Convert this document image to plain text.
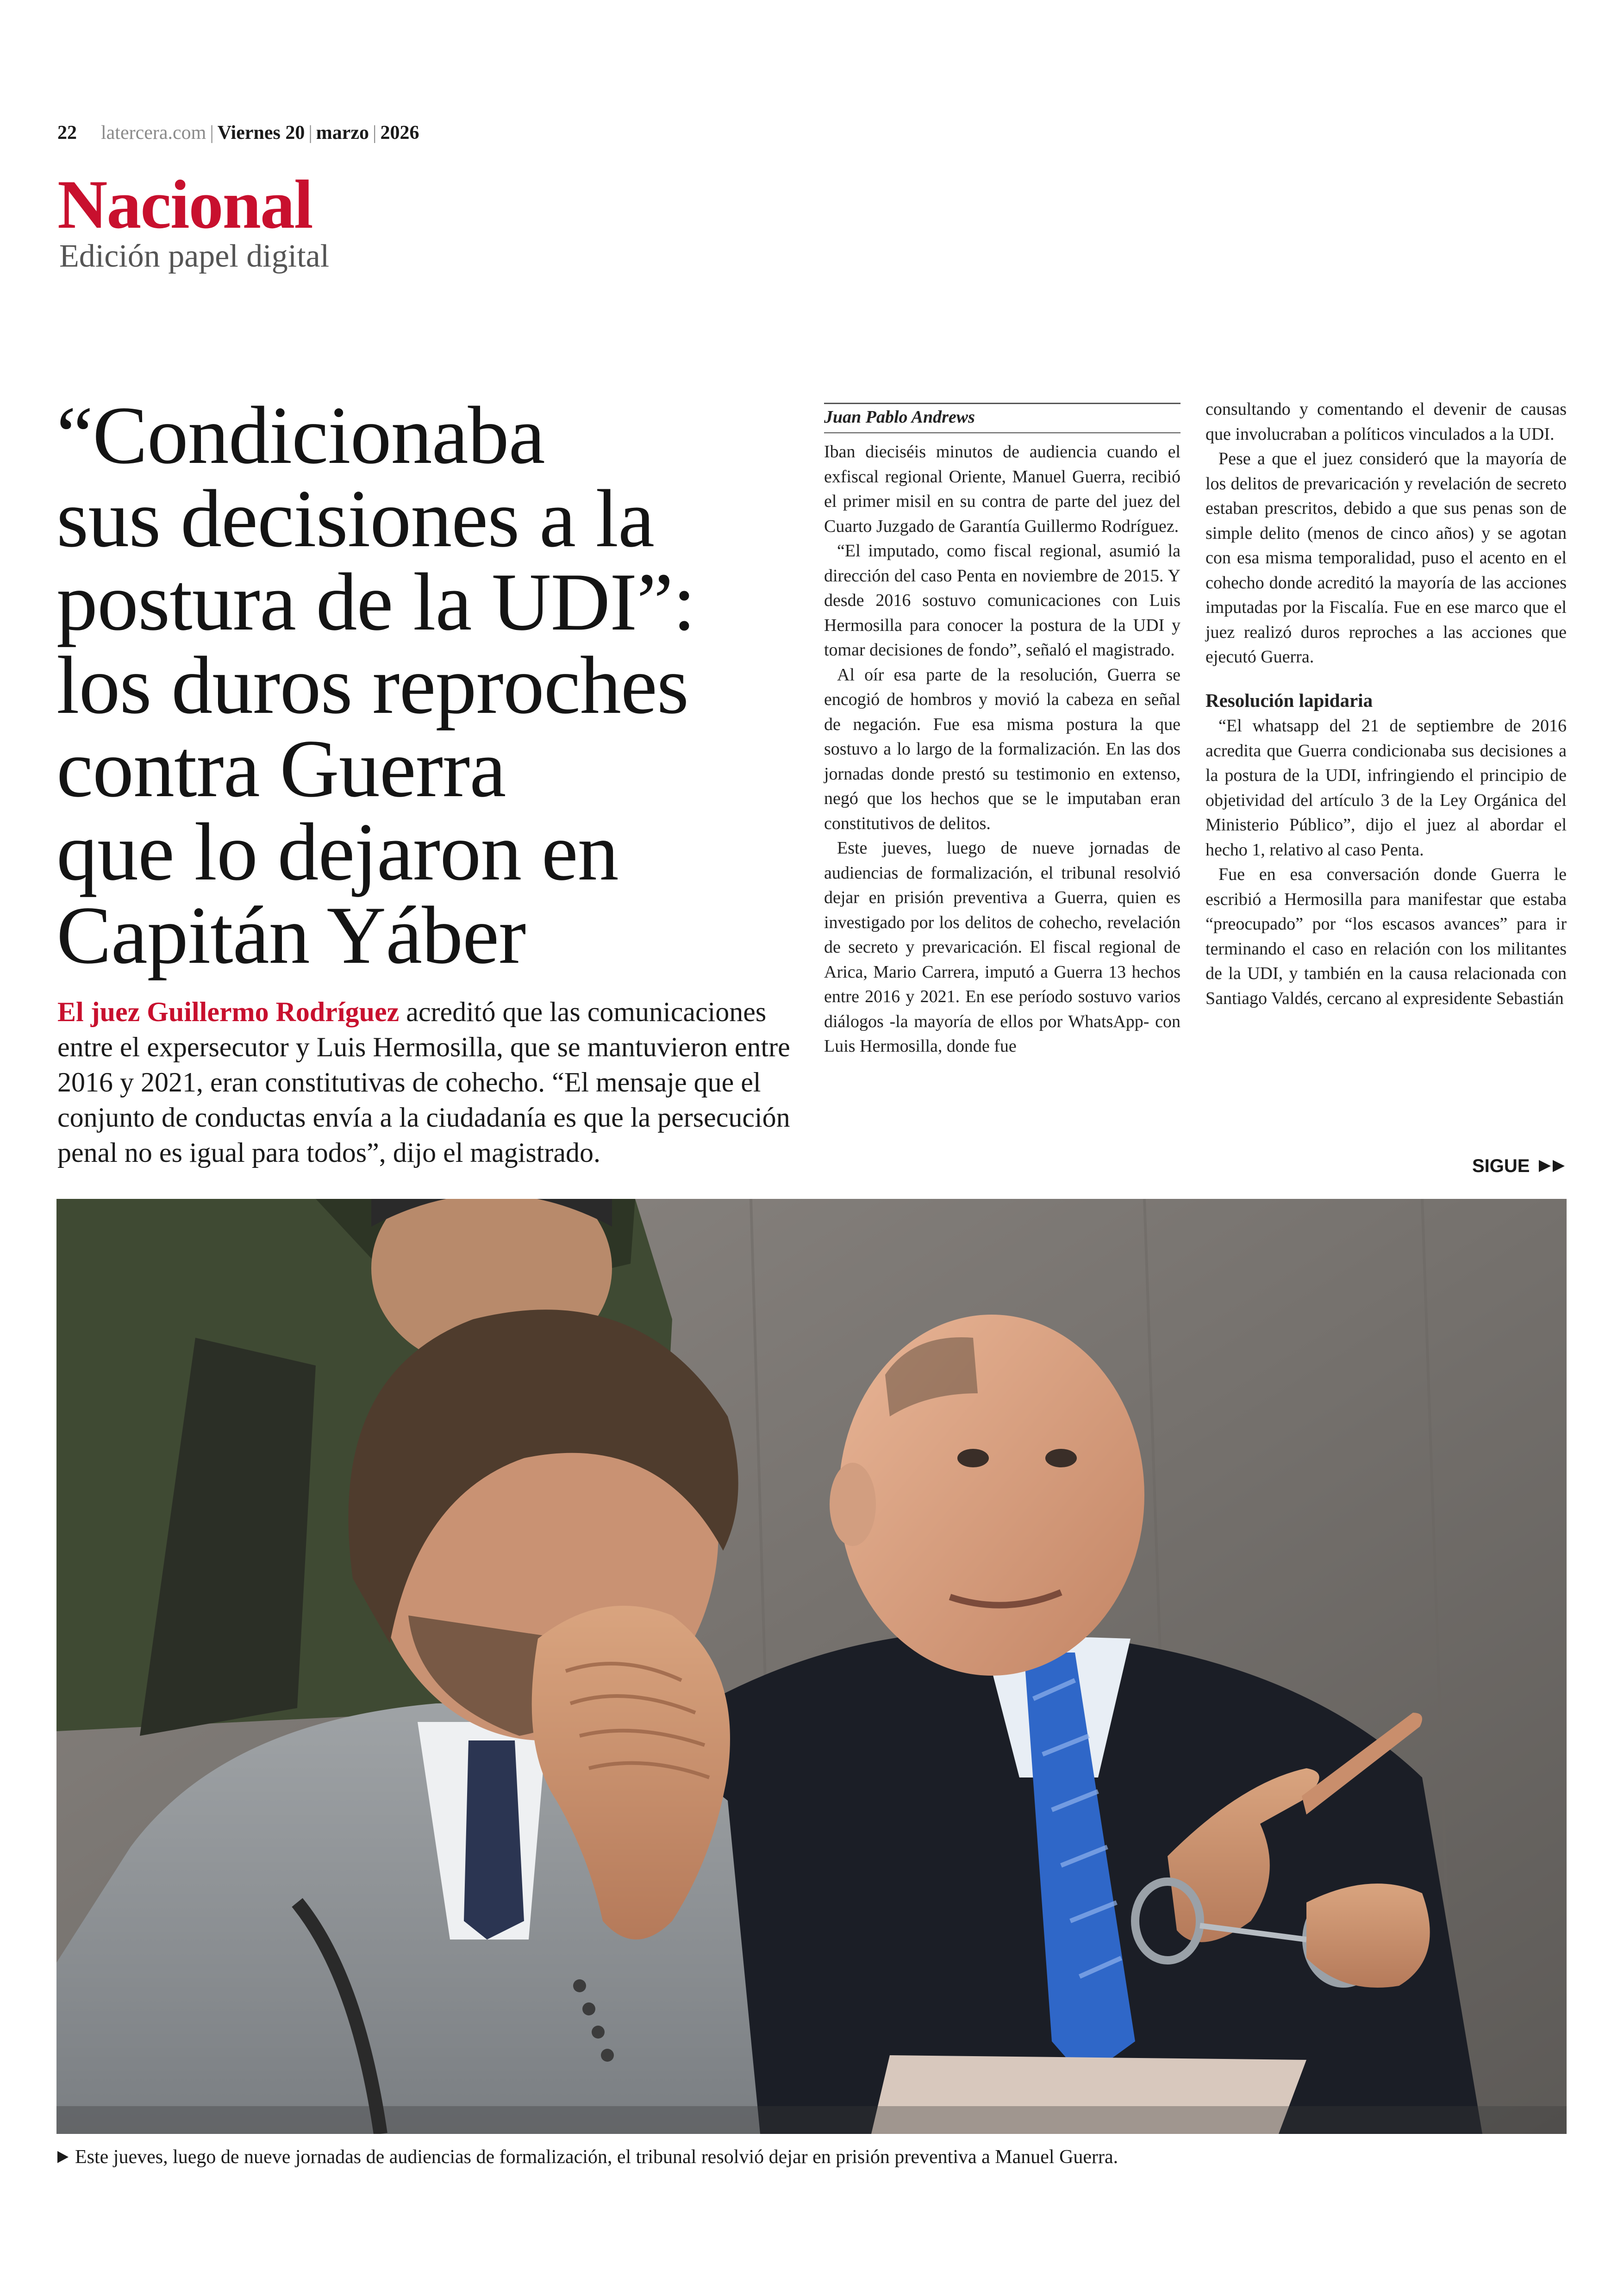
22 latercera.com | Viernes 20 | marzo | 2026
Nacional
Edición papel digital
“Condicionaba
sus decisiones a la
postura de la UDI”:
los duros reproches
contra Guerra
que lo dejaron en
Capitán Yáber
El juez Guillermo Rodríguez acreditó que las comunicaciones entre el expersecutor y Luis Hermosilla, que se mantuvieron entre 2016 y 2021, eran constitutivas de cohecho. “El mensaje que el conjunto de conductas envía a la ciudadanía es que la persecución penal no es igual para todos”, dijo el magistrado.
Juan Pablo Andrews

Iban dieciséis minutos de audiencia cuando el exfiscal regional Oriente, Manuel Guerra, recibió el primer misil en su contra de parte del juez del Cuarto Juzgado de Garantía Guillermo Rodríguez.

“El imputado, como fiscal regional, asumió la dirección del caso Penta en noviembre de 2015. Y desde 2016 sostuvo comunicaciones con Luis Hermosilla para conocer la postura de la UDI y tomar decisiones de fondo”, señaló el magistrado.

Al oír esa parte de la resolución, Guerra se encogió de hombros y movió la cabeza en señal de negación. Fue esa misma postura la que sostuvo a lo largo de la formalización. En las dos jornadas donde prestó su testimonio en extenso, negó que los hechos que se le imputaban eran constitutivos de delitos.

Este jueves, luego de nueve jornadas de audiencias de formalización, el tribunal resolvió dejar en prisión preventiva a Guerra, quien es investigado por los delitos de cohecho, revelación de secreto y prevaricación. El fiscal regional de Arica, Mario Carrera, imputó a Guerra 13 hechos entre 2016 y 2021. En ese período sostuvo varios diálogos -la mayoría de ellos por WhatsApp- con Luis Hermosilla, donde fue

consultando y comentando el devenir de causas que involucraban a políticos vinculados a la UDI.

Pese a que el juez consideró que la mayoría de los delitos de prevaricación y revelación de secreto estaban prescritos, debido a que sus penas son de simple delito (menos de cinco años) y se agotan con esa misma temporalidad, puso el acento en el cohecho donde acreditó la mayoría de las acciones imputadas por la Fiscalía. Fue en ese marco que el juez realizó duros reproches a las acciones que ejecutó Guerra.

Resolución lapidaria

“El whatsapp del 21 de septiembre de 2016 acredita que Guerra condicionaba sus decisiones a la postura de la UDI, infringiendo el principio de objetividad del artículo 3 de la Ley Orgánica del Ministerio Público”, dijo el juez al abordar el hecho 1, relativo al caso Penta.

Fue en esa conversación donde Guerra le escribió a Hermosilla para manifestar que estaba “preocupado” por “los escasos avances” para ir terminando el caso en relación con los militantes de la UDI, y también en la causa relacionada con Santiago Valdés, cercano al expresidente Sebastián

SIGUE
Este jueves, luego de nueve jornadas de audiencias de formalización, el tribunal resolvió dejar en prisión preventiva a Manuel Guerra.
